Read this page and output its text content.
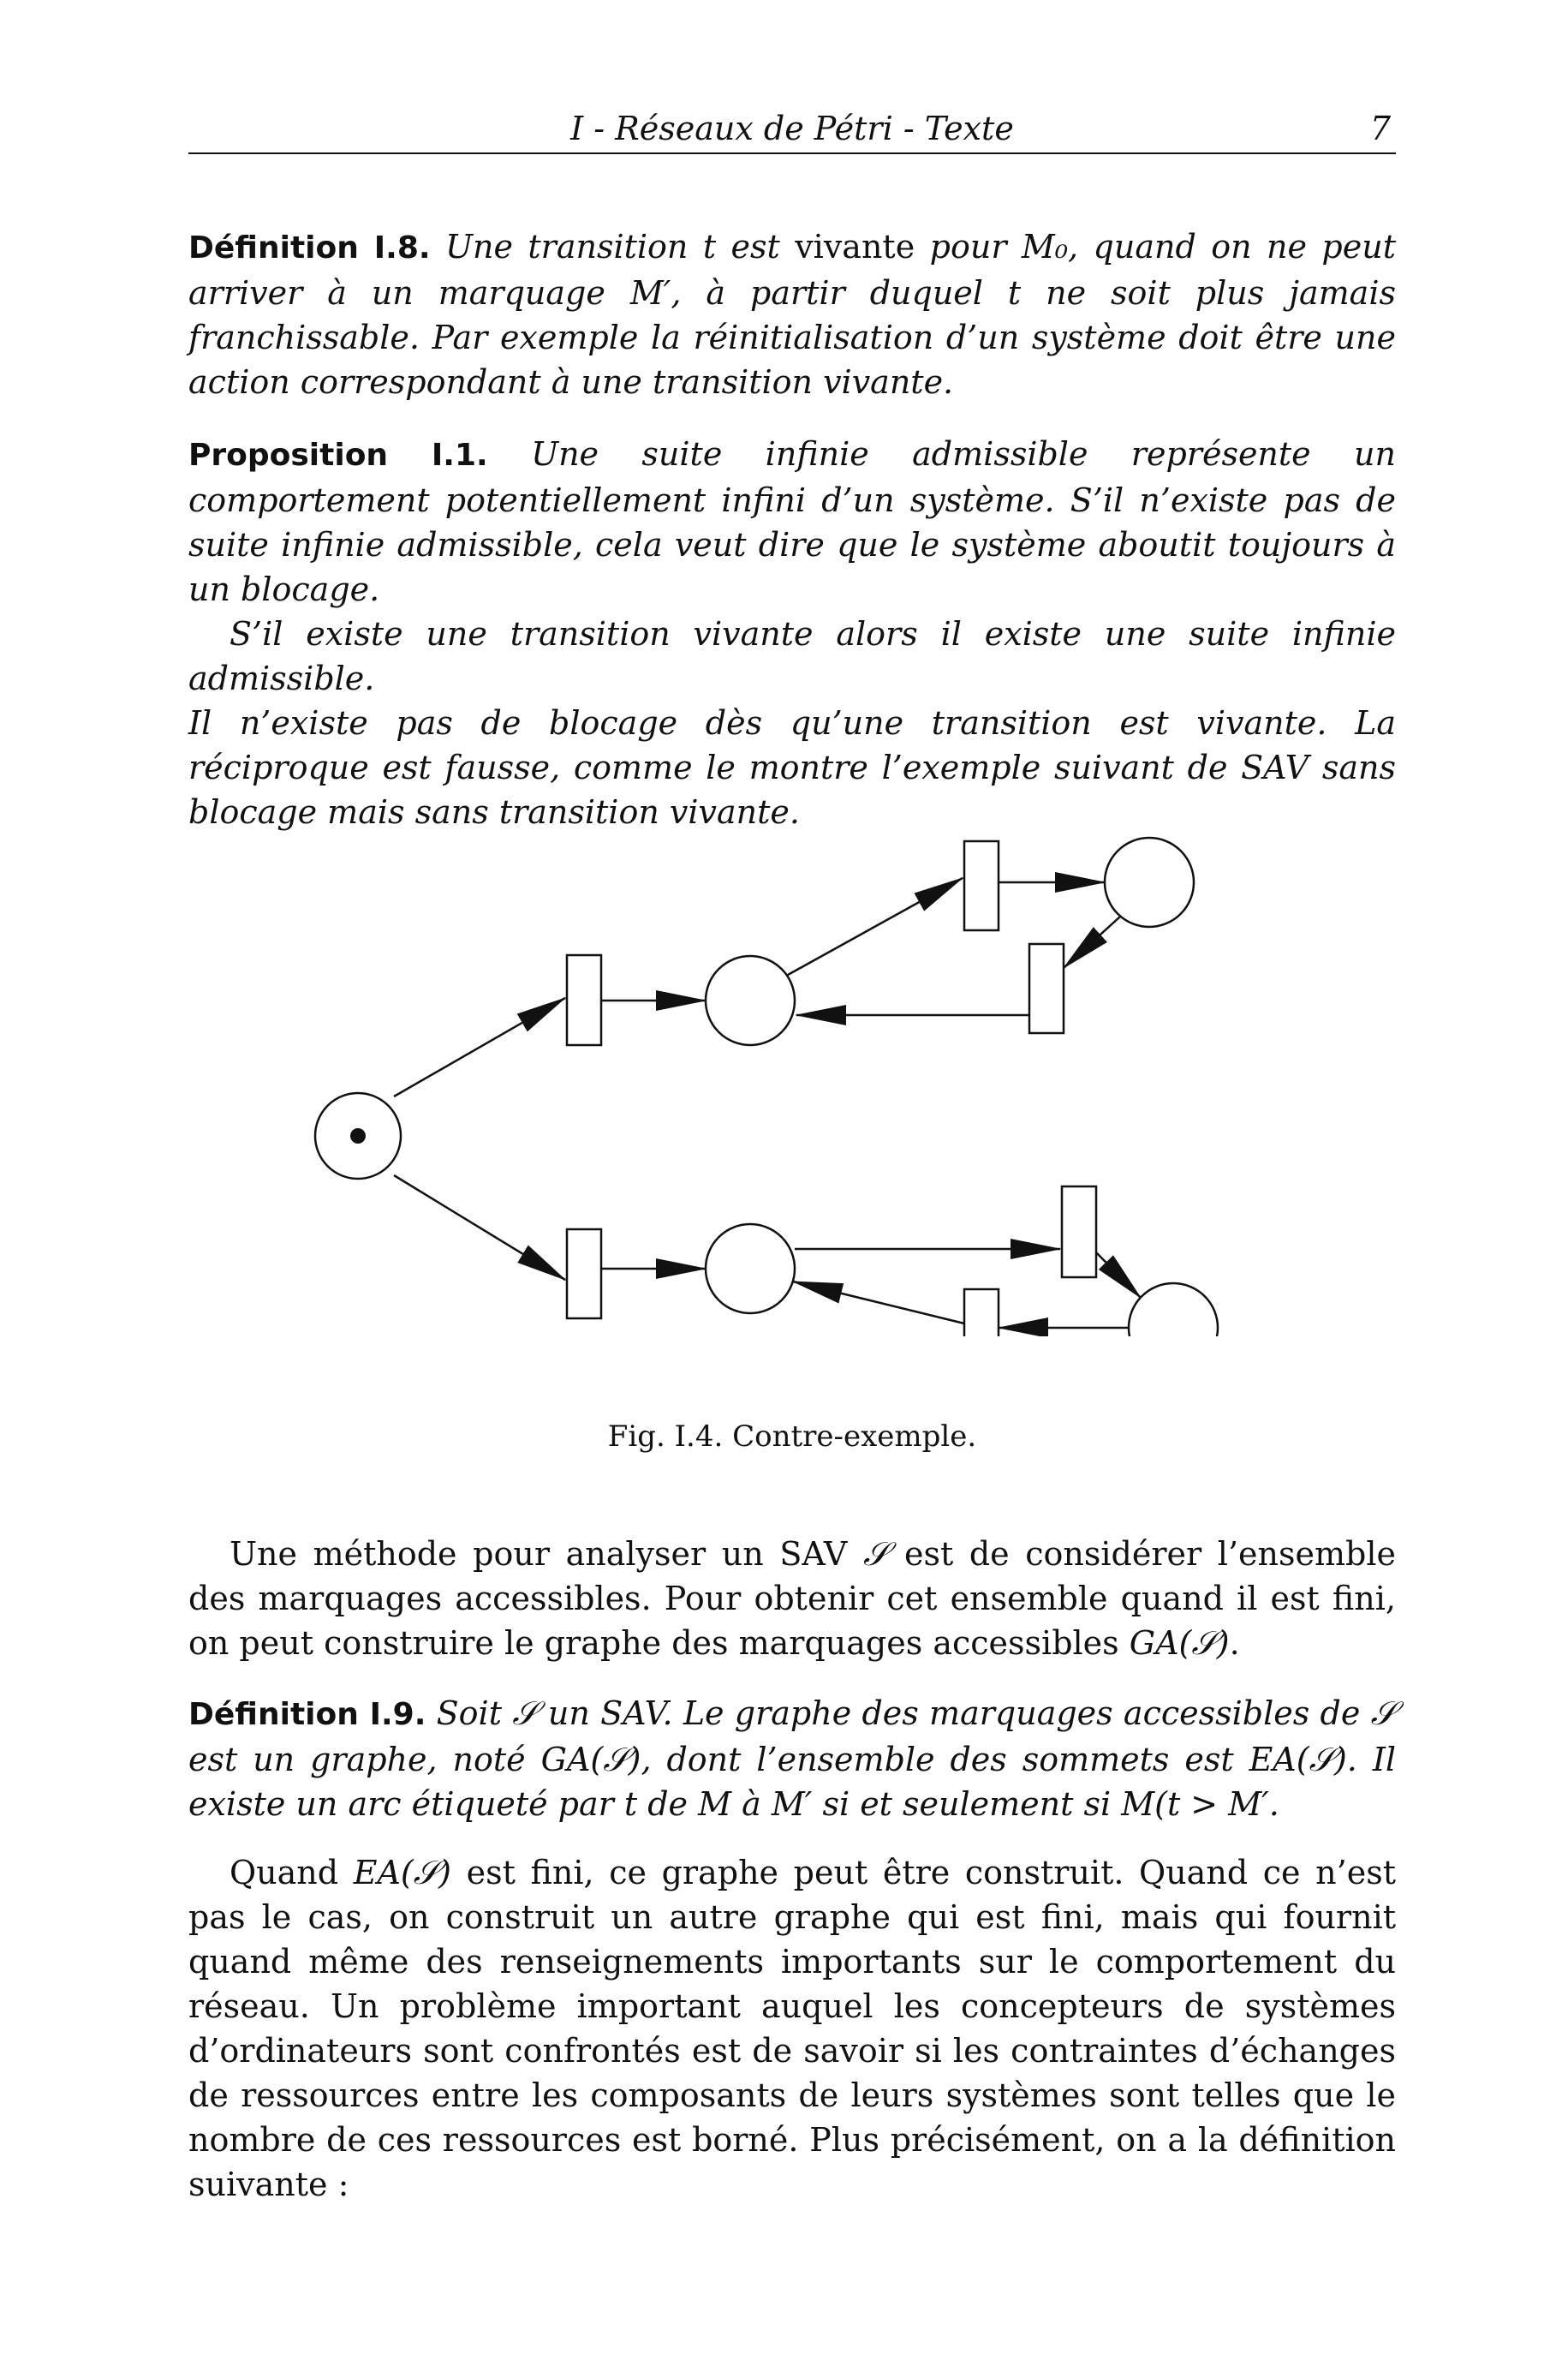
I - Réseaux de Pétri - Texte	7
Définition I.8. Une transition t est vivante pour M₀, quand on ne peut arriver à un marquage M′, à partir duquel t ne soit plus jamais franchissable. Par exemple la réinitialisation d’un système doit être une action correspondant à une transition vivante.
Proposition I.1. Une suite infinie admissible représente un comportement potentiellement infini d’un système. S’il n’existe pas de suite infinie admissible, cela veut dire que le système aboutit toujours à un blocage.
S’il existe une transition vivante alors il existe une suite infinie admissible.
Il n’existe pas de blocage dès qu’une transition est vivante. La réciproque est fausse, comme le montre l’exemple suivant de SAV sans blocage mais sans transition vivante.
Fig. I.4. Contre-exemple.
Une méthode pour analyser un SAV 𝒮 est de considérer l’ensemble des marquages accessibles. Pour obtenir cet ensemble quand il est fini, on peut construire le graphe des marquages accessibles GA(𝒮).
Définition I.9. Soit 𝒮 un SAV. Le graphe des marquages accessibles de 𝒮 est un graphe, noté GA(𝒮), dont l’ensemble des sommets est EA(𝒮). Il existe un arc étiqueté par t de M à M′ si et seulement si M(t > M′.
Quand EA(𝒮) est fini, ce graphe peut être construit. Quand ce n’est pas le cas, on construit un autre graphe qui est fini, mais qui fournit quand même des renseignements importants sur le comportement du réseau. Un problème important auquel les concepteurs de systèmes d’ordinateurs sont confrontés est de savoir si les contraintes d’échanges de ressources entre les composants de leurs systèmes sont telles que le nombre de ces ressources est borné. Plus précisément, on a la définition suivante :
